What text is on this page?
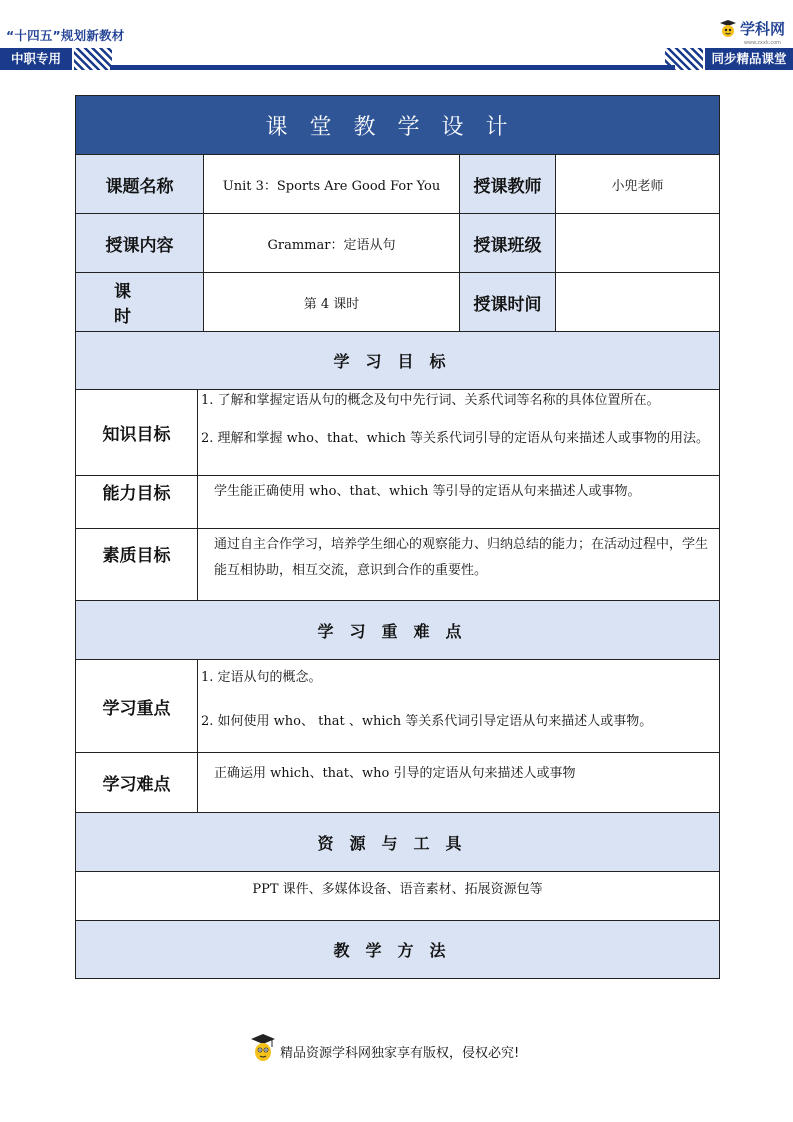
“十四五”规划新教材
中职专用	同步精品课堂
学科网
www.zxxk.com
课堂教学设计				
课题名称		Unit 3：Sports Are Good For You	授课教师	小兜老师
授课内容		Grammar：定语从句	授课班级	
课 时		第 4 课时	授课时间	
学习目标				
知识目标	1. 了解和掌握定语从句的概念及句中先行词、关系代词等名称的具体位置所在。

2. 理解和掌握 who、that、which 等关系代词引导的定语从句来描述人或事物的用法。			

能力目标	学生能正确使用 who、that、which 等引导的定语从句来描述人或事物。			
素质目标	通过自主合作学习，培养学生细心的观察能力、归纳总结的能力；在活动过程中，学生能互相协助，相互交流，意识到合作的重要性。			
学习重难点				
学习重点	1. 定语从句的概念。

2. 如何使用 who、 that 、which 等关系代词引导定语从句来描述人或事物。			

学习难点	正确运用 which、that、who 引导的定语从句来描述人或事物			
资源与工具				
PPT 课件、多媒体设备、语音素材、拓展资源包等				
教学方法				
精品资源学科网独家享有版权，侵权必究!
